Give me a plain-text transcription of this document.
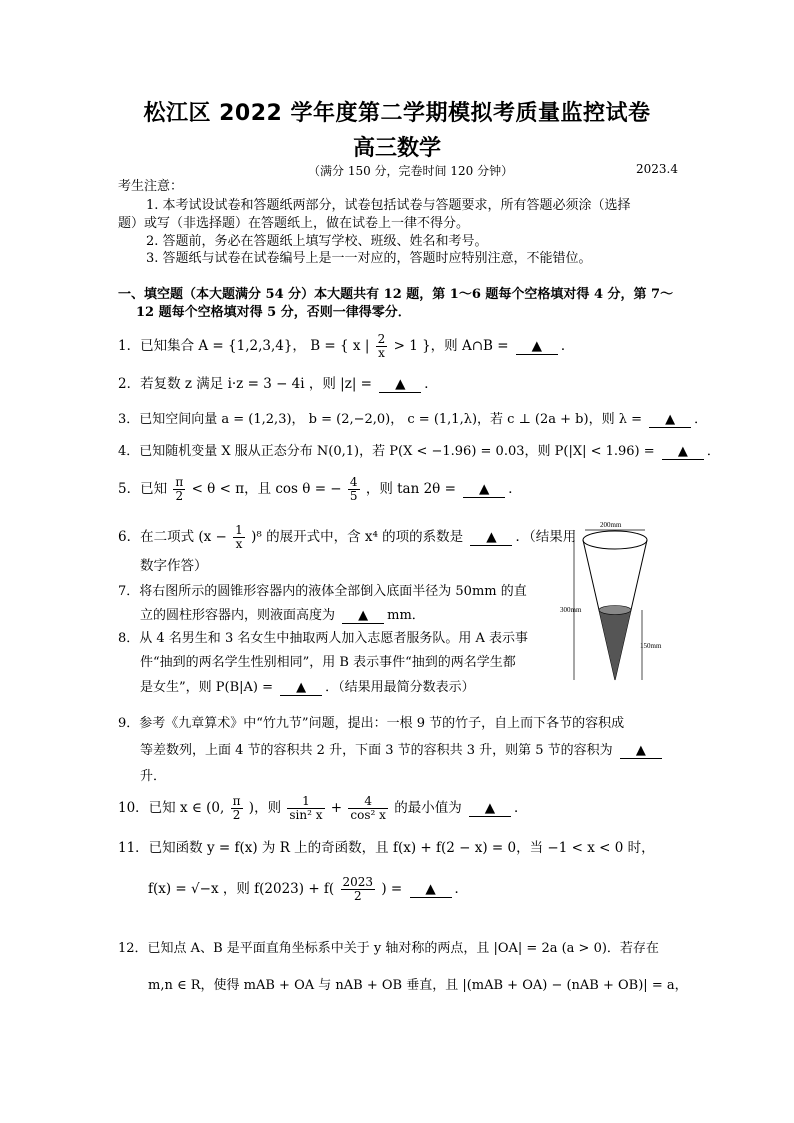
松江区 2022 学年度第二学期模拟考质量监控试卷
高三数学
（满分 150 分，完卷时间 120 分钟）	2023.4
考生注意：
1. 本考试设试卷和答题纸两部分，试卷包括试卷与答题要求，所有答题必须涂（选择
题）或写（非选择题）在答题纸上，做在试卷上一律不得分。
2. 答题前，务必在答题纸上填写学校、班级、姓名和考号。
3. 答题纸与试卷在试卷编号上是一一对应的，答题时应特别注意，不能错位。
一、填空题（本大题满分 54 分）本大题共有 12 题，第 1～6 题每个空格填对得 4 分，第 7～
12 题每个空格填对得 5 分，否则一律得零分．
1．已知集合 A = {1,2,3,4}， B = { x | $\frac{2}{x} > 1$ }，则 A∩B = ▲ ．
2．若复数 z 满足 i·z = 3 − 4i ，则 |z| = ▲ ．
3．已知空间向量 a = (1,2,3)， b = (2,−2,0)， c = (1,1,λ)，若 c ⊥ (2a + b)，则 λ = ▲ ．
4．已知随机变量 X 服从正态分布 N(0,1)，若 P(X < −1.96) = 0.03，则 P(|X| < 1.96) = ▲ ．
5．已知 $\frac{\pi}{2} < \theta < \pi$，且 cos θ = − $\frac{4}{5}$ ，则 tan 2θ = ▲ ．
6．在二项式 $(x - \frac{1}{x} )^8$ 的展开式中，含 x⁴ 的项的系数是 ▲ ．（结果用
数字作答）
7．将右图所示的圆锥形容器内的液体全部倒入底面半径为 50mm 的直
立的圆柱形容器内，则液面高度为 ▲ mm．
8．从 4 名男生和 3 名女生中抽取两人加入志愿者服务队。用 A 表示事
件“抽到的两名学生性别相同”，用 B 表示事件“抽到的两名学生都
是女生”，则 P(B|A) = ▲ ．（结果用最简分数表示）
200mm
300mm
150mm
9．参考《九章算术》中“竹九节”问题，提出：一根 9 节的竹子，自上而下各节的容积成
等差数列，上面 4 节的容积共 2 升，下面 3 节的容积共 3 升，则第 5 节的容积为 ▲
升．
10．已知 x ∈ (0, $\frac{\pi}{2}$ )，则 $\frac{1}{\text{sin² x}} + \frac{4}{\text{cos² x}}$ 的最小值为 ▲ ．
11．已知函数 y = f(x) 为 R 上的奇函数，且 f(x) + f(2 − x) = 0，当 −1 < x < 0 时，
f(x) = √−x ，则 $f(2023) + f( \frac{2023}{2}$ ) = ▲ ．
12．已知点 A、B 是平面直角坐标系中关于 y 轴对称的两点，且 |OA| = 2a (a > 0)．若存在
m,n ∈ R，使得 mAB + OA 与 nAB + OB 垂直，且 |(mAB + OA) − (nAB + OB)| = a，
